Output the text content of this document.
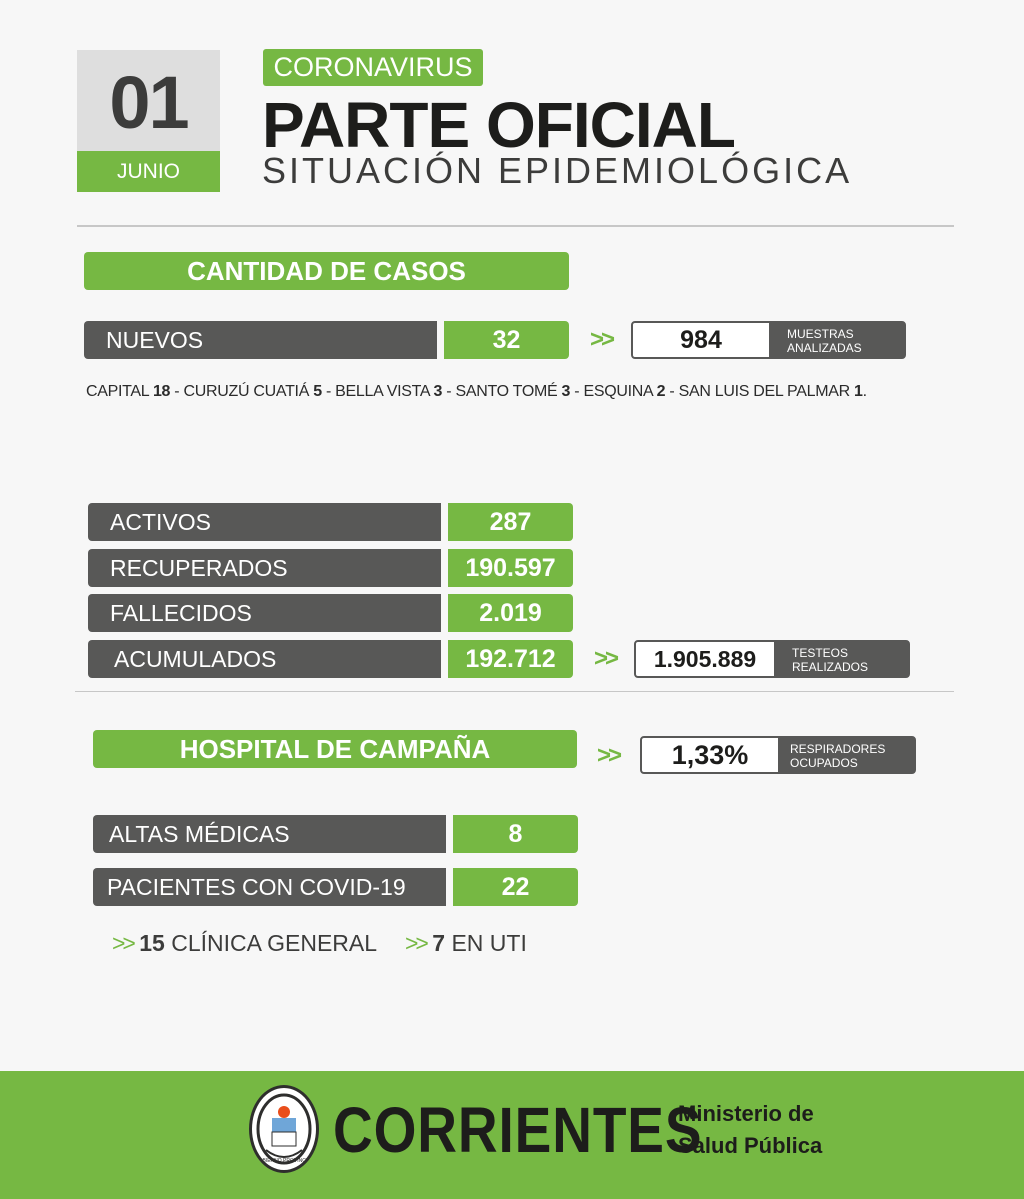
01
JUNIO
CORONAVIRUS
PARTE OFICIAL
SITUACIÓN EPIDEMIOLÓGICA
CANTIDAD DE CASOS
NUEVOS	32	>>	984	MUESTRAS
ANALIZADAS
CAPITAL 18 - CURUZÚ CUATIÁ 5 - BELLA VISTA 3 - SANTO TOMÉ 3 - ESQUINA 2 - SAN LUIS DEL PALMAR 1.
ACTIVOS	287
RECUPERADOS	190.597
FALLECIDOS	2.019
ACUMULADOS	192.712	>>	1.905.889	TESTEOS
REALIZADOS
HOSPITAL DE CAMPAÑA	>>	1,33%	RESPIRADORES
OCUPADOS
ALTAS MÉDICAS	8
PACIENTES CON COVID-19	22
>> 15 CLÍNICA GENERAL >> 7 EN UTI
GOBIERNO PROVINCIAL CORRIENTES
Ministerio de
Salud Pública
